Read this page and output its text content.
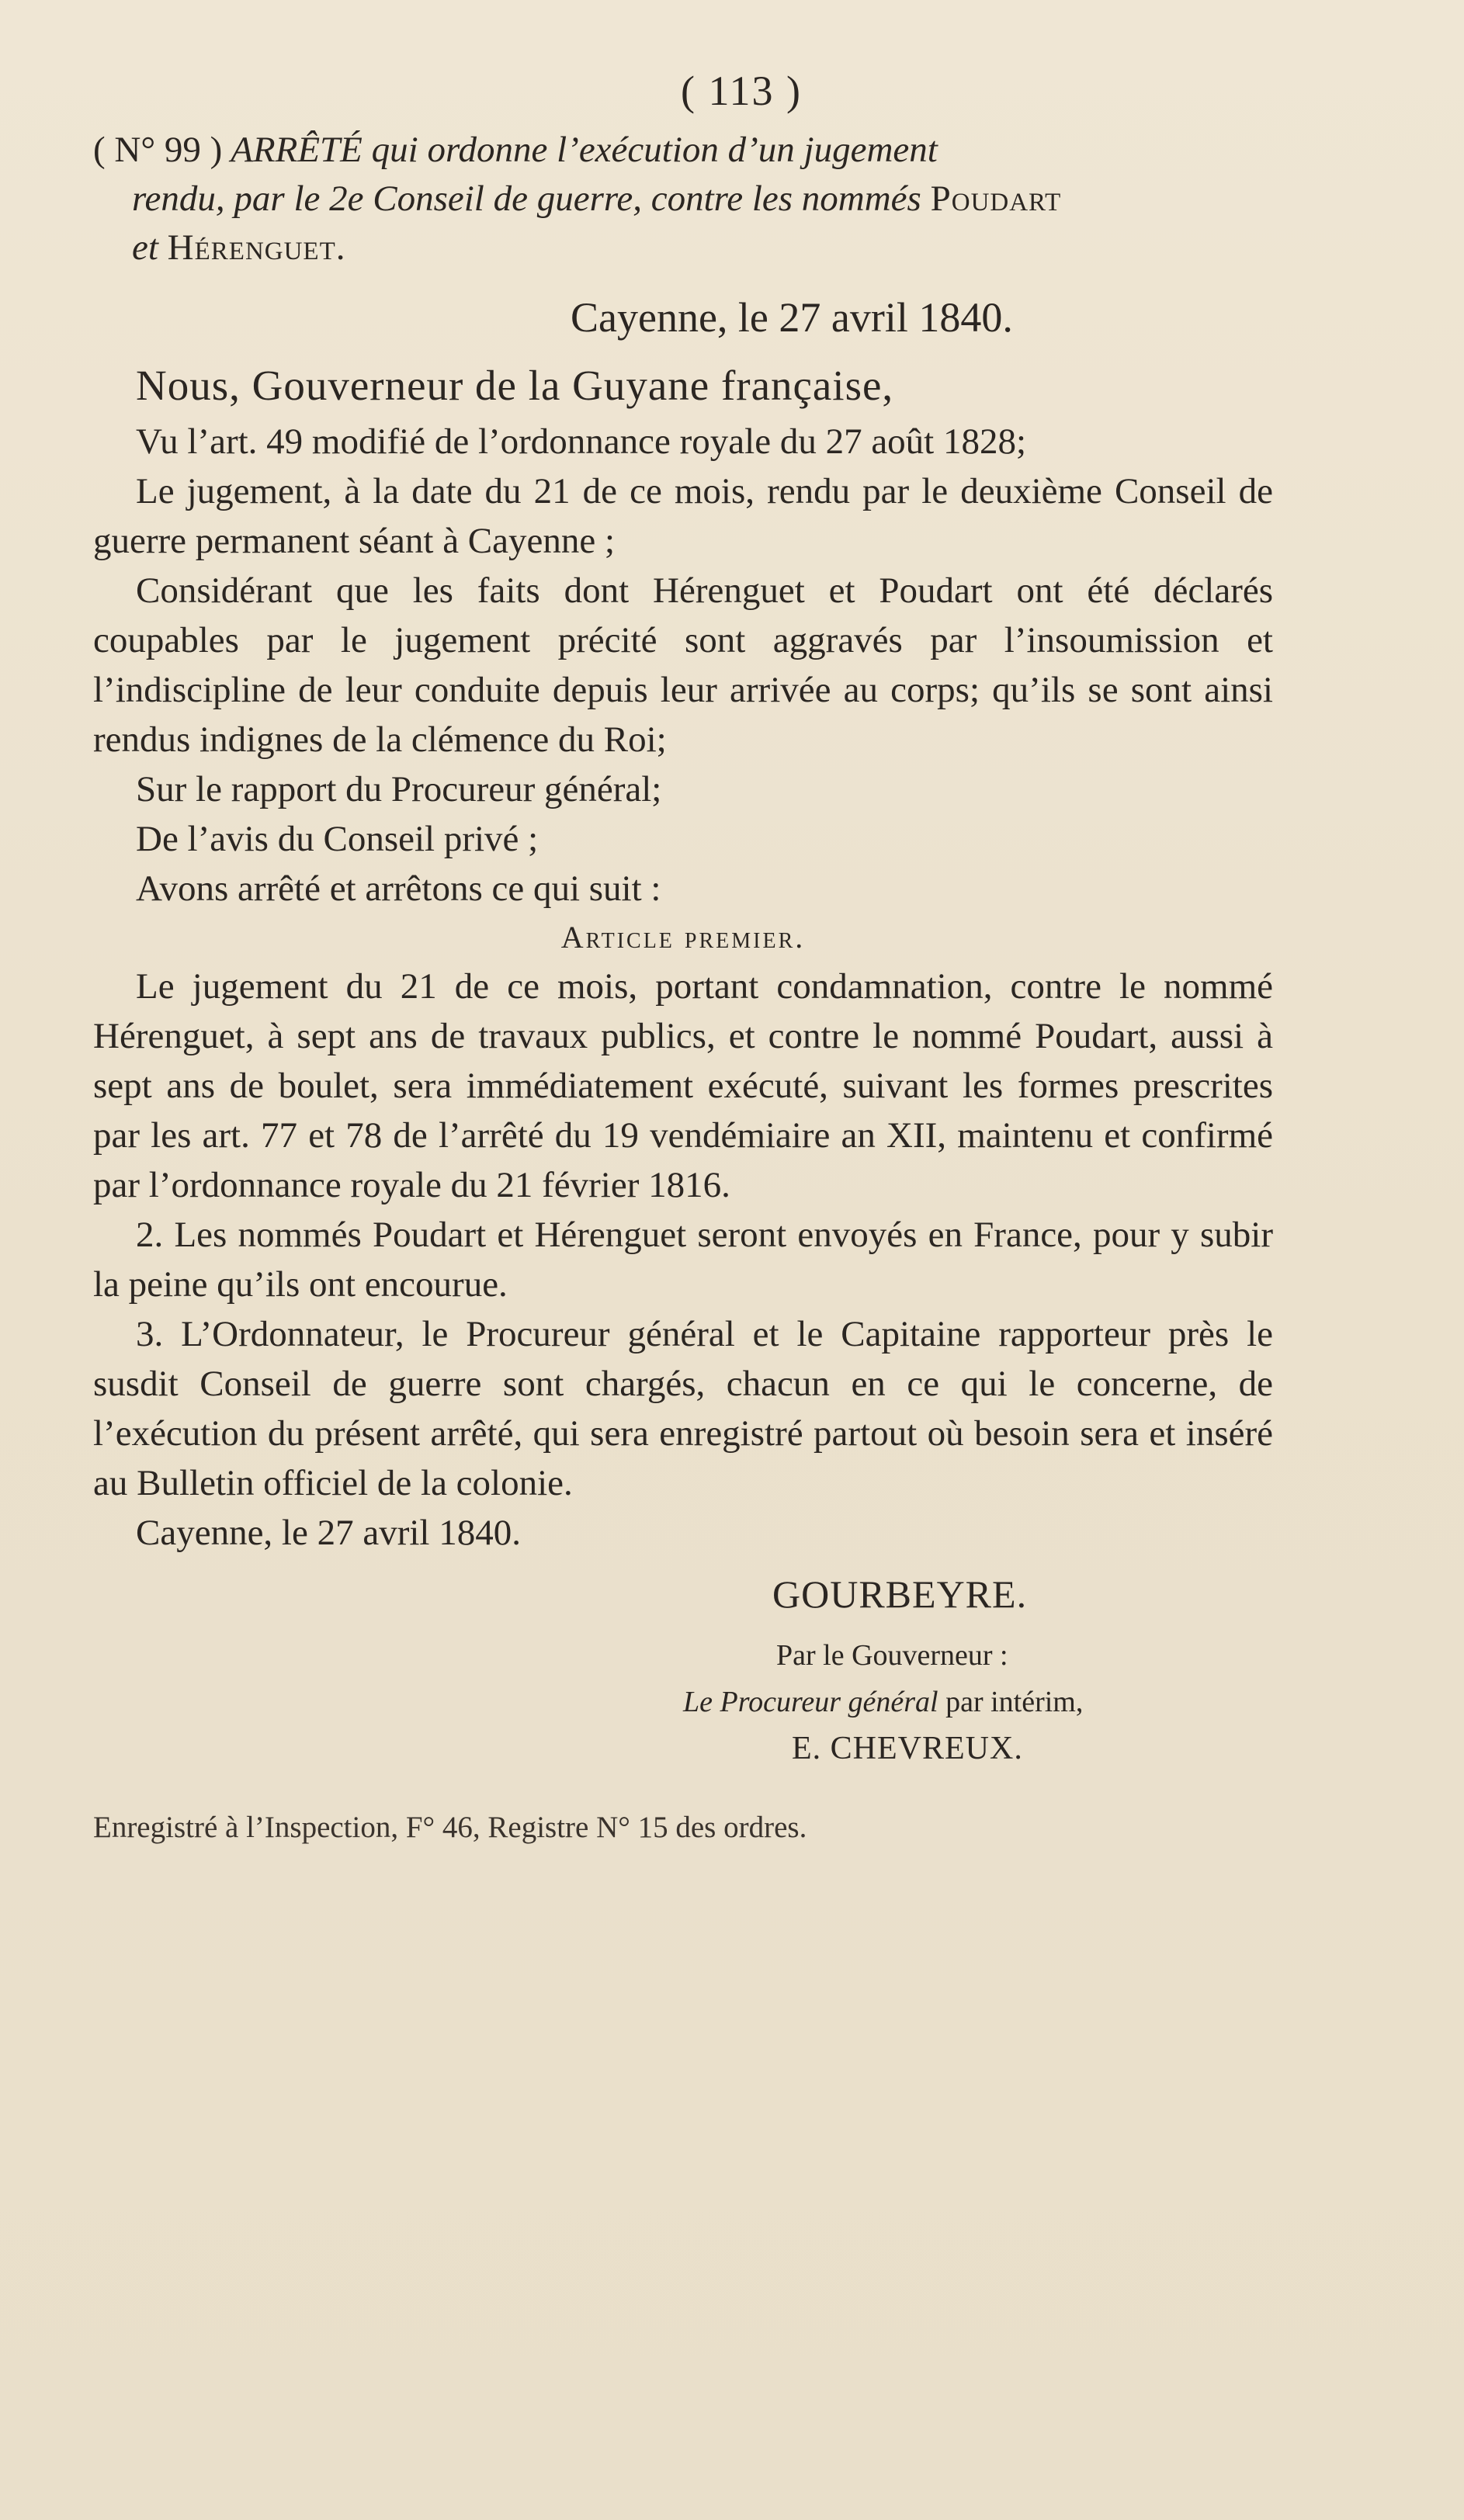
( 113 )
( N° 99 ) ARRÊTÉ qui ordonne l’exécution d’un jugement
rendu, par le 2e Conseil de guerre, contre les nommés Poudart
et Hérenguet.
Cayenne, le 27 avril 1840.
Nous, Gouverneur de la Guyane française,

Vu l’art. 49 modifié de l’ordonnance royale du 27 août 1828;

Le jugement, à la date du 21 de ce mois, rendu par le deuxième Conseil de guerre permanent séant à Cayenne ;

Considérant que les faits dont Hérenguet et Poudart ont été déclarés coupables par le jugement précité sont aggravés par l’insoumission et l’indiscipline de leur conduite depuis leur arrivée au corps; qu’ils se sont ainsi rendus indignes de la clémence du Roi;

Sur le rapport du Procureur général;

De l’avis du Conseil privé ;

Avons arrêté et arrêtons ce qui suit :

Article premier.

Le jugement du 21 de ce mois, portant condamnation, contre le nommé Hérenguet, à sept ans de travaux publics, et contre le nommé Poudart, aussi à sept ans de boulet, sera immédiatement exécuté, suivant les formes prescrites par les art. 77 et 78 de l’arrêté du 19 vendémiaire an XII, maintenu et confirmé par l’ordonnance royale du 21 février 1816.

2. Les nommés Poudart et Hérenguet seront envoyés en France, pour y subir la peine qu’ils ont encourue.

3. L’Ordonnateur, le Procureur général et le Capitaine rapporteur près le susdit Conseil de guerre sont chargés, chacun en ce qui le concerne, de l’exécution du présent arrêté, qui sera enregistré partout où besoin sera et inséré au Bulletin officiel de la colonie.

Cayenne, le 27 avril 1840.

GOURBEYRE.
Par le Gouverneur :
Le Procureur général par intérim,
E. CHEVREUX.
Enregistré à l’Inspection, F° 46, Registre N° 15 des ordres.
